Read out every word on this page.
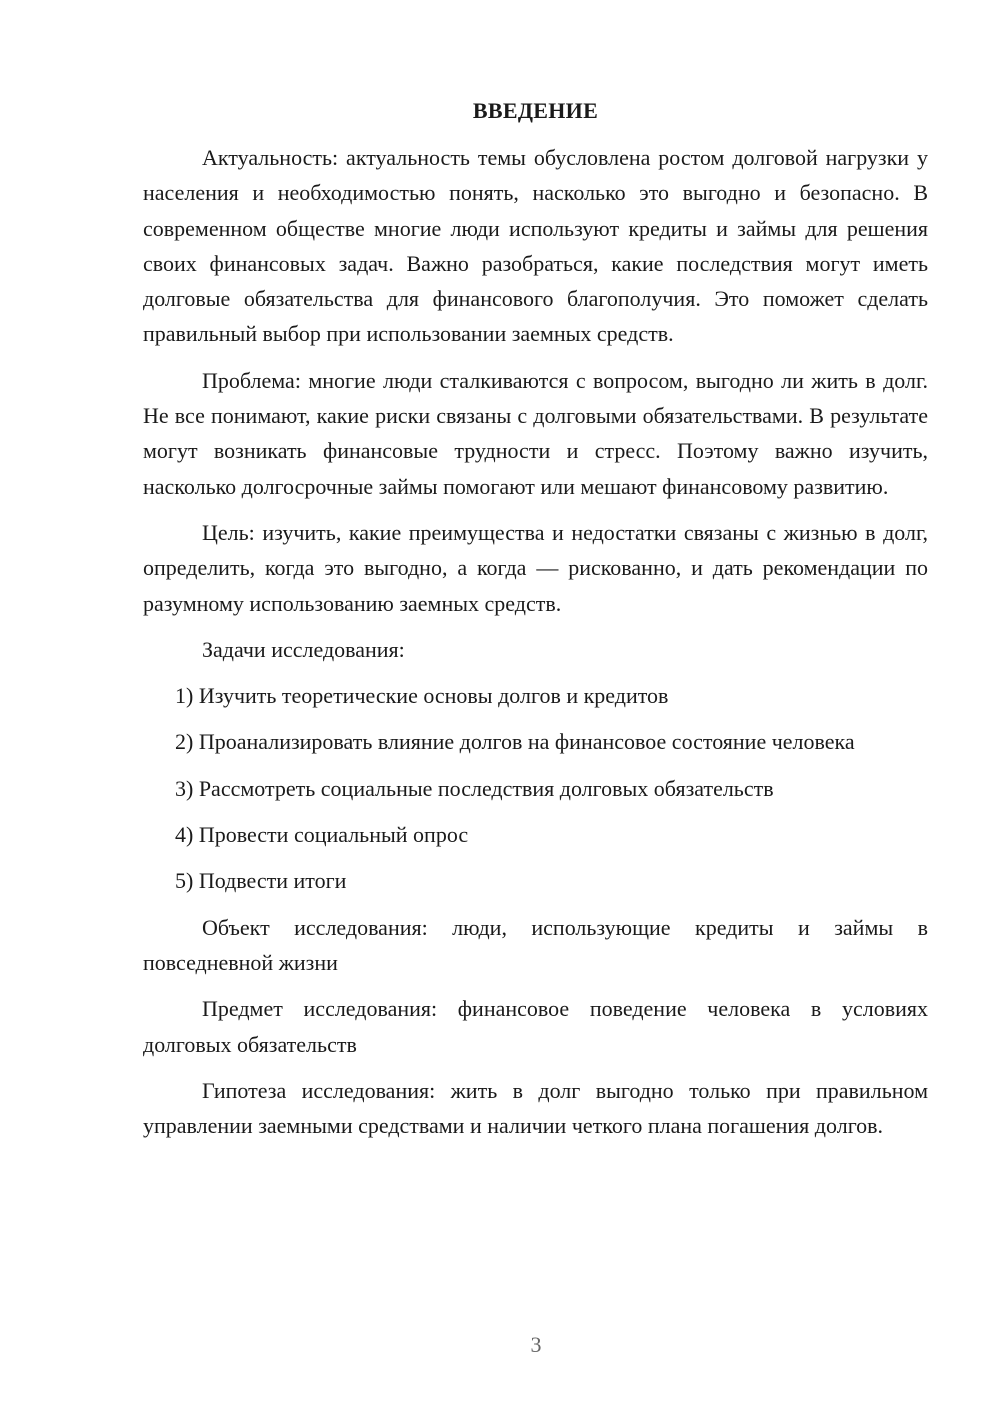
ВВЕДЕНИЕ

Актуальность: актуальность темы обусловлена ростом долговой нагрузки у населения и необходимостью понять, насколько это выгодно и безопасно. В современном обществе многие люди используют кредиты и займы для решения своих финансовых задач. Важно разобраться, какие последствия могут иметь долговые обязательства для финансового благополучия. Это поможет сделать правильный выбор при использовании заемных средств.

Проблема: многие люди сталкиваются с вопросом, выгодно ли жить в долг. Не все понимают, какие риски связаны с долговыми обязательствами. В результате могут возникать финансовые трудности и стресс. Поэтому важно изучить, насколько долгосрочные займы помогают или мешают финансовому развитию.

Цель: изучить, какие преимущества и недостатки связаны с жизнью в долг, определить, когда это выгодно, а когда — рискованно, и дать рекомендации по разумному использованию заемных средств.

Задачи исследования:

1) Изучить теоретические основы долгов и кредитов

2) Проанализировать влияние долгов на финансовое состояние человека

3) Рассмотреть социальные последствия долговых обязательств

4) Провести социальный опрос

5) Подвести итоги

Объект исследования: люди, использующие кредиты и займы в повседневной жизни

Предмет исследования: финансовое поведение человека в условиях долговых обязательств

Гипотеза исследования: жить в долг выгодно только при правильном управлении заемными средствами и наличии четкого плана погашения долгов.

3
